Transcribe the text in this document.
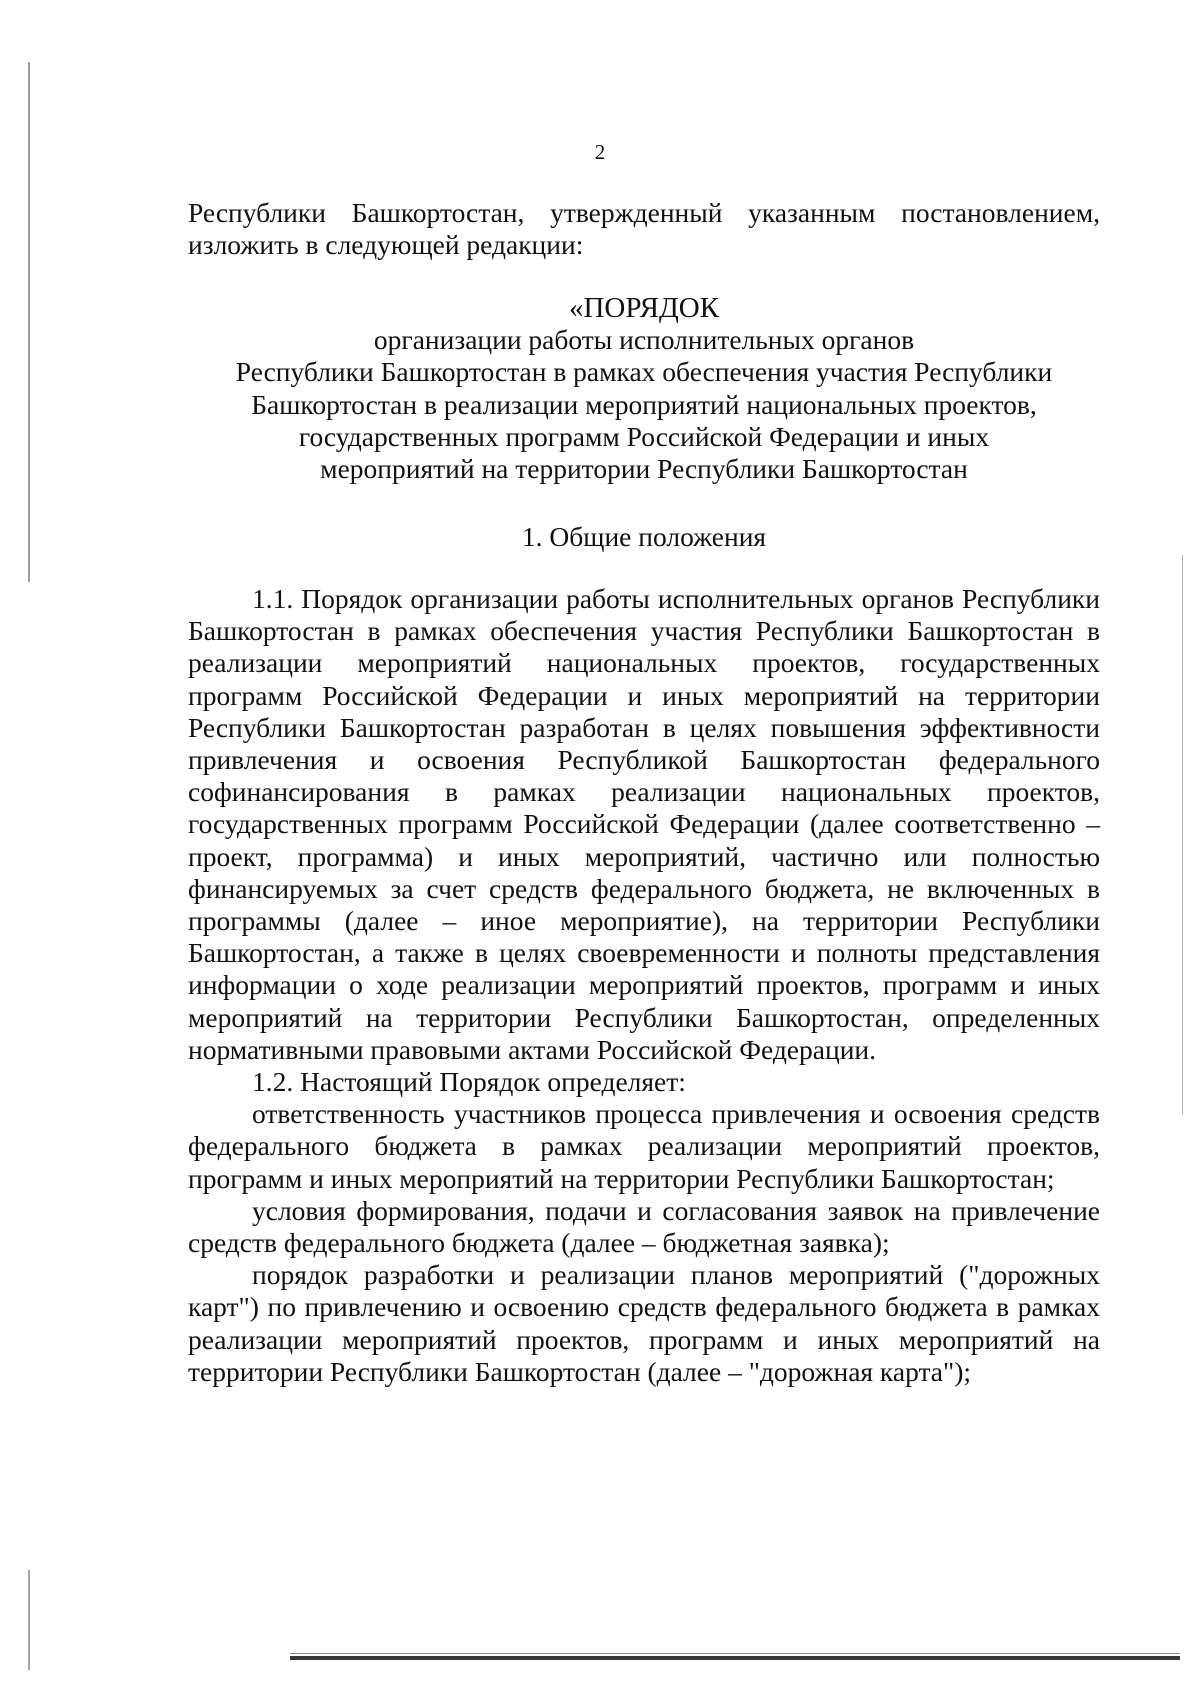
2

Республики Башкортостан, утвержденный указанным постановлением, изложить в следующей редакции:

«ПОРЯДОК
организации работы исполнительных органов
Республики Башкортостан в рамках обеспечения участия Республики
Башкортостан в реализации мероприятий национальных проектов,
государственных программ Российской Федерации и иных
мероприятий на территории Республики Башкортостан
1. Общие положения

1.1. Порядок организации работы исполнительных органов Республики Башкортостан в рамках обеспечения участия Республики Башкортостан в реализации мероприятий национальных проектов, государственных программ Российской Федерации и иных мероприятий на территории Республики Башкортостан разработан в целях повышения эффективности привлечения и освоения Республикой Башкортостан федерального софинансирования в рамках реализации национальных проектов, государственных программ Российской Федерации (далее соответственно – проект, программа) и иных мероприятий, частично или полностью финансируемых за счет средств федерального бюджета, не включенных в программы (далее – иное мероприятие), на территории Республики Башкортостан, а также в целях своевременности и полноты представления информации о ходе реализации мероприятий проектов, программ и иных мероприятий на территории Республики Башкортостан, определенных нормативными правовыми актами Российской Федерации.

1.2. Настоящий Порядок определяет:

ответственность участников процесса привлечения и освоения средств федерального бюджета в рамках реализации мероприятий проектов, программ и иных мероприятий на территории Республики Башкортостан;

условия формирования, подачи и согласования заявок на привлечение средств федерального бюджета (далее – бюджетная заявка);

порядок разработки и реализации планов мероприятий ("дорожных карт") по привлечению и освоению средств федерального бюджета в рамках реализации мероприятий проектов, программ и иных мероприятий на территории Республики Башкортостан (далее – "дорожная карта");
